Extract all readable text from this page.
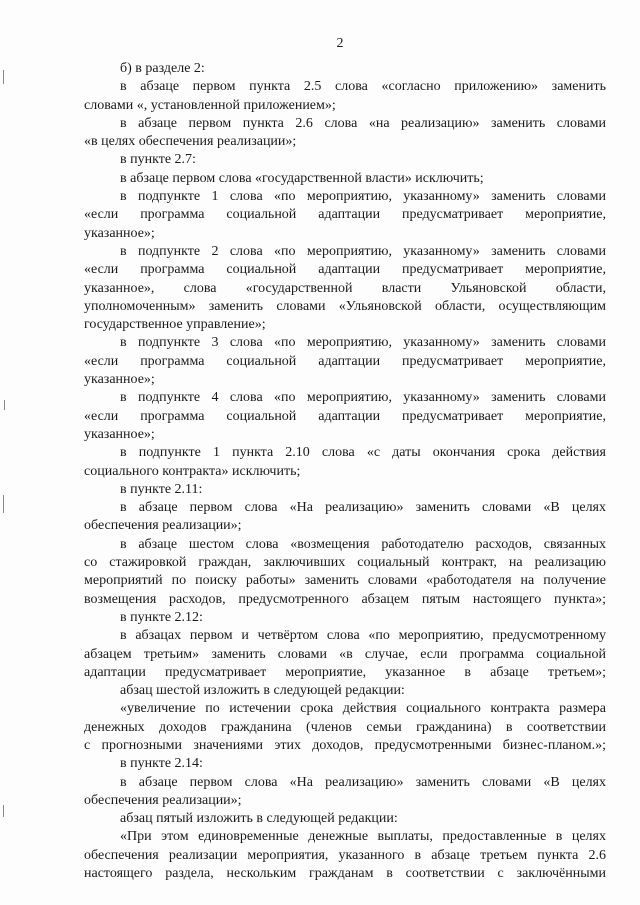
2
б) в разделе 2:
в абзаце первом пункта 2.5 слова «согласно приложению» заменить
словами «, установленной приложением»;
в абзаце первом пункта 2.6 слова «на реализацию» заменить словами
«в целях обеспечения реализации»;
в пункте 2.7:
в абзаце первом слова «государственной власти» исключить;
в подпункте 1 слова «по мероприятию, указанному» заменить словами
«если программа социальной адаптации предусматривает мероприятие,
указанное»;
в подпункте 2 слова «по мероприятию, указанному» заменить словами
«если программа социальной адаптации предусматривает мероприятие,
указанное», слова «государственной власти Ульяновской области,
уполномоченным» заменить словами «Ульяновской области, осуществляющим
государственное управление»;
в подпункте 3 слова «по мероприятию, указанному» заменить словами
«если программа социальной адаптации предусматривает мероприятие,
указанное»;
в подпункте 4 слова «по мероприятию, указанному» заменить словами
«если программа социальной адаптации предусматривает мероприятие,
указанное»;
в подпункте 1 пункта 2.10 слова «с даты окончания срока действия
социального контракта» исключить;
в пункте 2.11:
в абзаце первом слова «На реализацию» заменить словами «В целях
обеспечения реализации»;
в абзаце шестом слова «возмещения работодателю расходов, связанных
со стажировкой граждан, заключивших социальный контракт, на реализацию
мероприятий по поиску работы» заменить словами «работодателя на получение
возмещения расходов, предусмотренного абзацем пятым настоящего пункта»;
в пункте 2.12:
в абзацах первом и четвёртом слова «по мероприятию, предусмотренному
абзацем третьим» заменить словами «в случае, если программа социальной
адаптации предусматривает мероприятие, указанное в абзаце третьем»;
абзац шестой изложить в следующей редакции:
«увеличение по истечении срока действия социального контракта размера
денежных доходов гражданина (членов семьи гражданина) в соответствии
с прогнозными значениями этих доходов, предусмотренными бизнес-планом.»;
в пункте 2.14:
в абзаце первом слова «На реализацию» заменить словами «В целях
обеспечения реализации»;
абзац пятый изложить в следующей редакции:
«При этом единовременные денежные выплаты, предоставленные в целях
обеспечения реализации мероприятия, указанного в абзаце третьем пункта 2.6
настоящего раздела, нескольким гражданам в соответствии с заключёнными
